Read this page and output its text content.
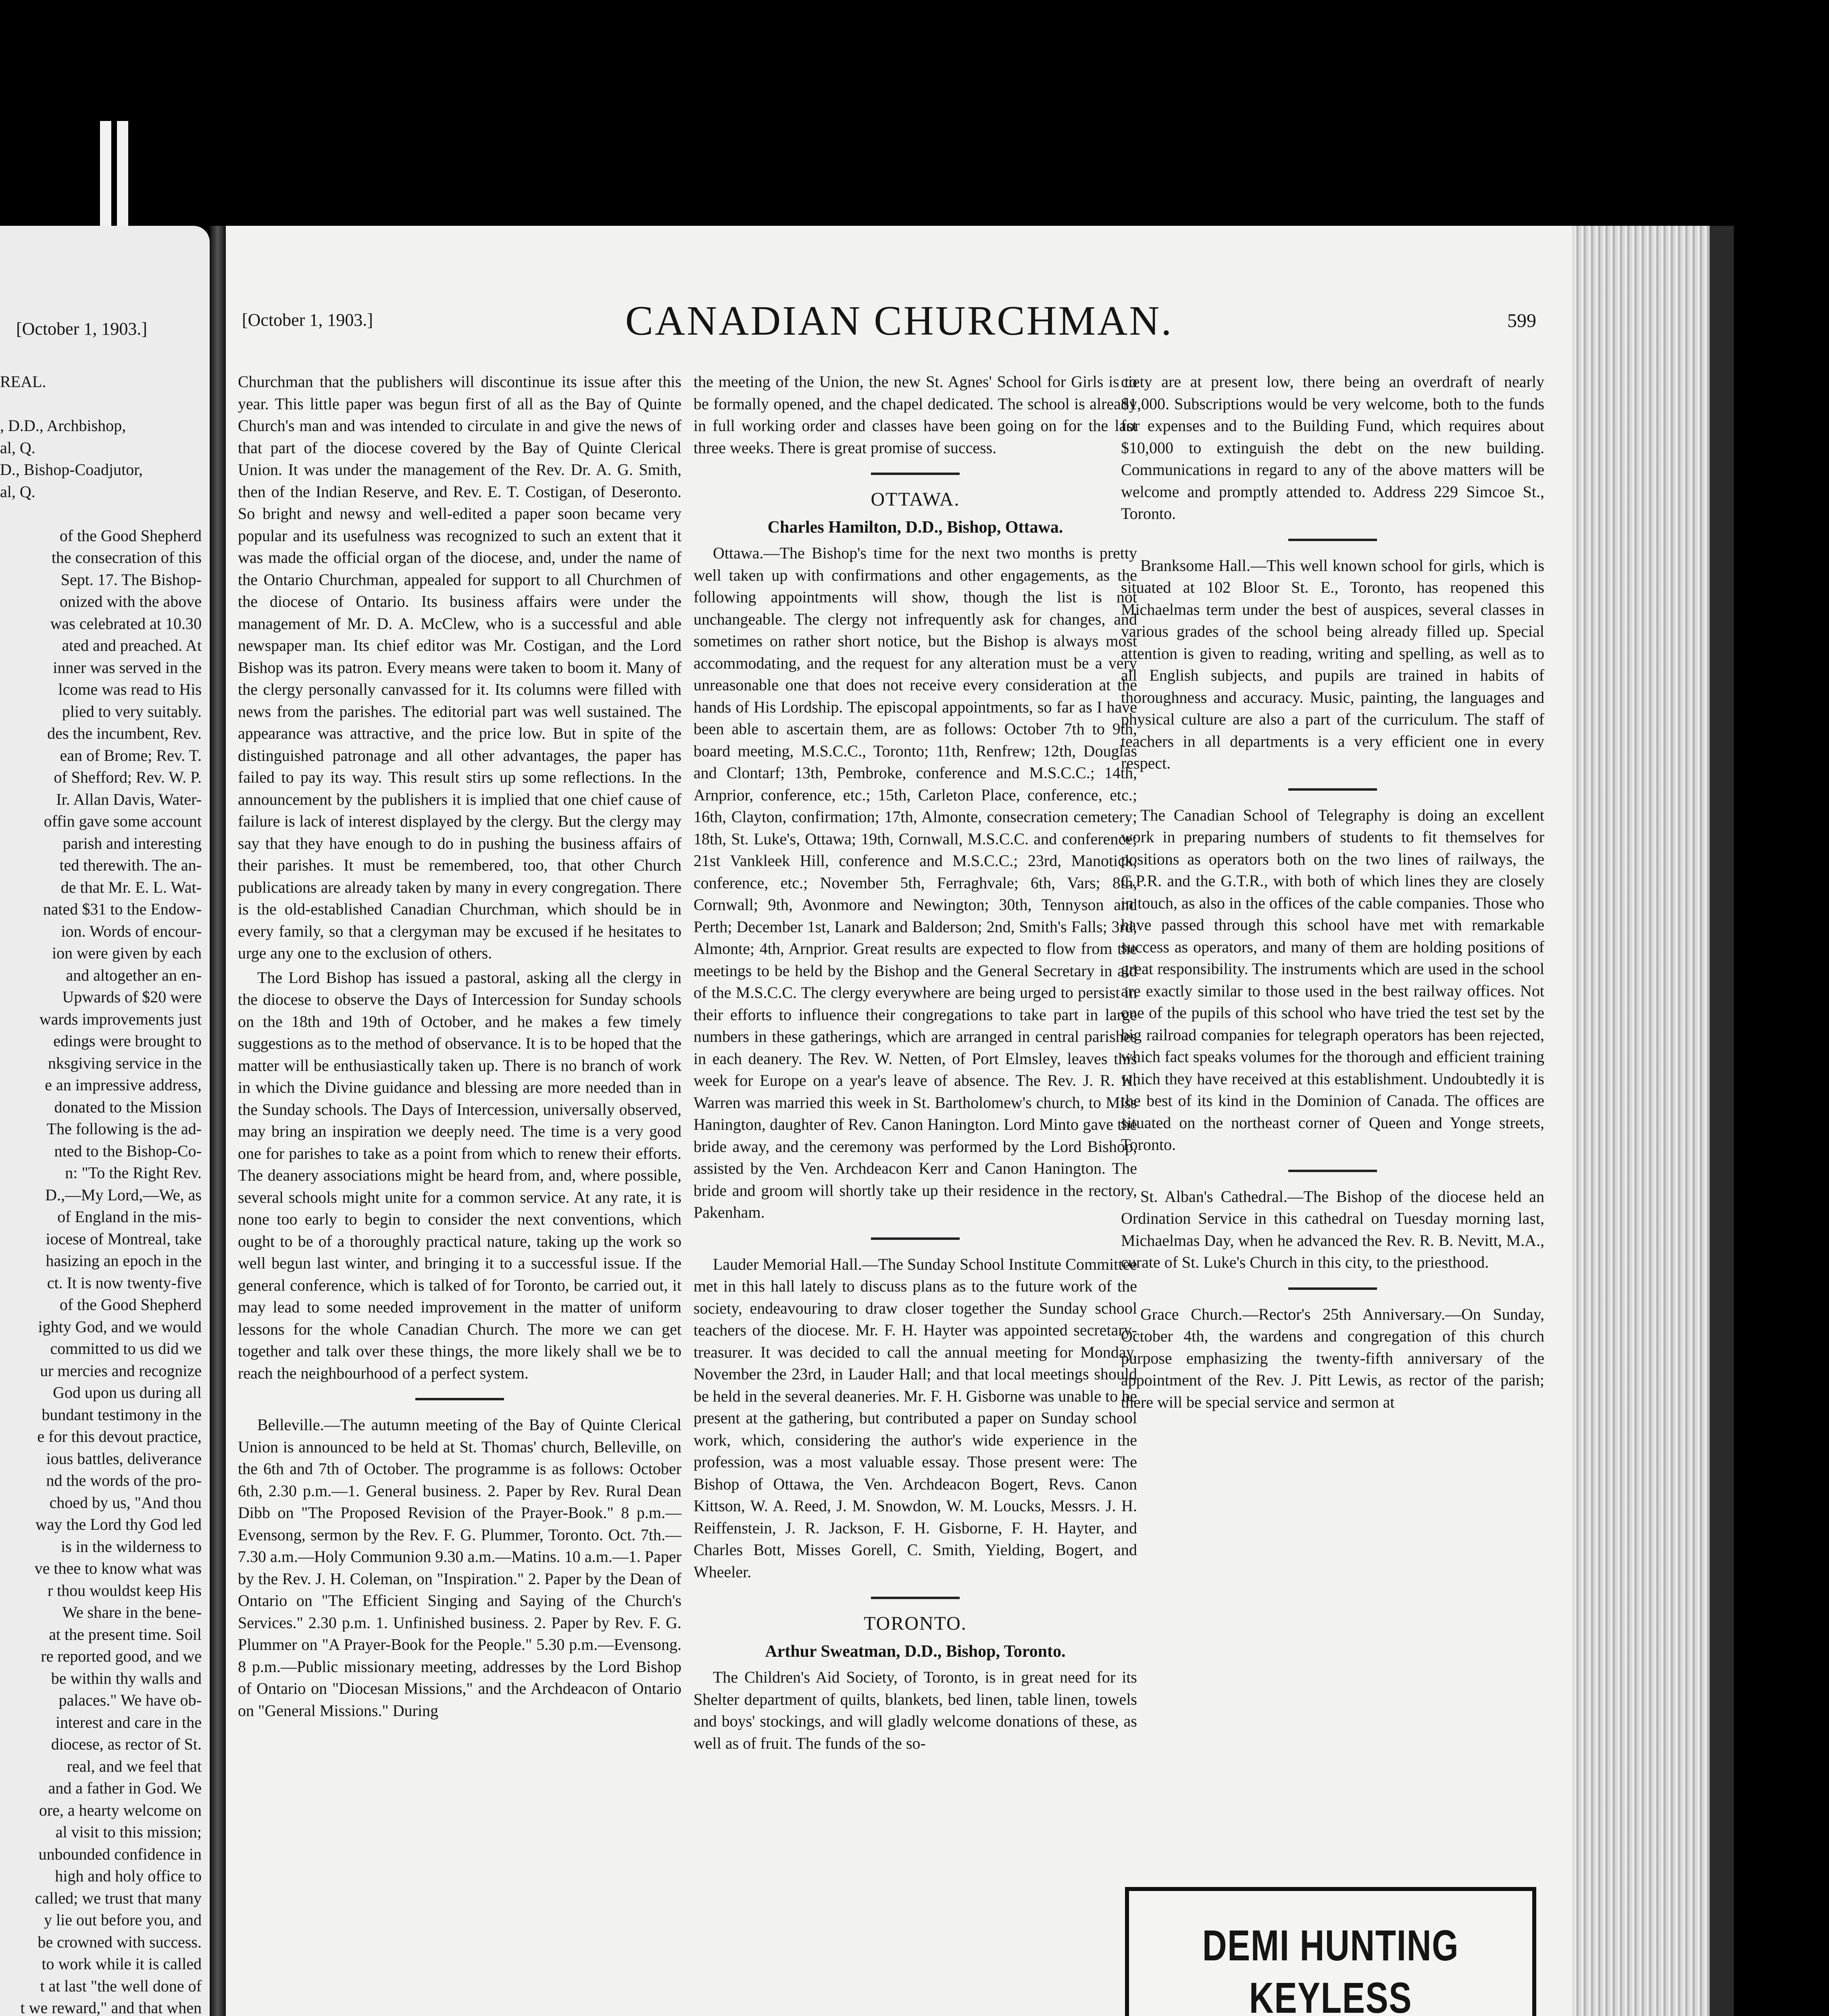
[October 1, 1903.]

REAL.

, D.D., Archbishop,

al, Q.

D., Bishop-Coadjutor,

al, Q.

of the Good Shepherd

the consecration of this

Sept. 17. The Bishop-

onized with the above

was celebrated at 10.30

ated and preached. At

inner was served in the

lcome was read to His

plied to very suitably.

des the incumbent, Rev.

ean of Brome; Rev. T.

of Shefford; Rev. W. P.

Ir. Allan Davis, Water-

offin gave some account

parish and interesting

ted therewith. The an-

de that Mr. E. L. Wat-

nated $31 to the Endow-

ion. Words of encour-

ion were given by each

and altogether an en-

Upwards of $20 were

wards improvements just

edings were brought to

nksgiving service in the

e an impressive address,

donated to the Mission

The following is the ad-

nted to the Bishop-Co-

n: "To the Right Rev.

D.,—My Lord,—We, as

of England in the mis-

iocese of Montreal, take

hasizing an epoch in the

ct. It is now twenty-five

of the Good Shepherd

ighty God, and we would

committed to us did we

ur mercies and recognize

God upon us during all

bundant testimony in the

e for this devout practice,

ious battles, deliverance

nd the words of the pro-

choed by us, "And thou

way the Lord thy God led

is in the wilderness to

ve thee to know what was

r thou wouldst keep His

We share in the bene-

at the present time. Soil

re reported good, and we

be within thy walls and

palaces." We have ob-

interest and care in the

diocese, as rector of St.

real, and we feel that

and a father in God. We

ore, a hearty welcome on

al visit to this mission;

unbounded confidence in

high and holy office to

called; we trust that many

y lie out before you, and

be crowned with success.

to work while it is called

t at last "the well done of

t we reward," and that when

[October 1, 1903.]	CANADIAN CHURCHMAN.	599

Churchman that the publishers will discontinue its issue after this year. This little paper was begun first of all as the Bay of Quinte Church's man and was intended to circulate in and give the news of that part of the diocese covered by the Bay of Quinte Clerical Union. It was under the management of the Rev. Dr. A. G. Smith, then of the Indian Reserve, and Rev. E. T. Costigan, of Deseronto. So bright and newsy and well-edited a paper soon became very popular and its usefulness was recognized to such an extent that it was made the official organ of the diocese, and, under the name of the Ontario Churchman, appealed for support to all Churchmen of the diocese of Ontario. Its business affairs were under the management of Mr. D. A. McClew, who is a successful and able newspaper man. Its chief editor was Mr. Costigan, and the Lord Bishop was its patron. Every means were taken to boom it. Many of the clergy personally canvassed for it. Its columns were filled with news from the parishes. The editorial part was well sustained. The appearance was attractive, and the price low. But in spite of the distinguished patronage and all other advantages, the paper has failed to pay its way. This result stirs up some reflections. In the announcement by the publishers it is implied that one chief cause of failure is lack of interest displayed by the clergy. But the clergy may say that they have enough to do in pushing the business affairs of their parishes. It must be remembered, too, that other Church publications are already taken by many in every congregation. There is the old-established Canadian Churchman, which should be in every family, so that a clergyman may be excused if he hesitates to urge any one to the exclusion of others.

The Lord Bishop has issued a pastoral, asking all the clergy in the diocese to observe the Days of Intercession for Sunday schools on the 18th and 19th of October, and he makes a few timely suggestions as to the method of observance. It is to be hoped that the matter will be enthusiastically taken up. There is no branch of work in which the Divine guidance and blessing are more needed than in the Sunday schools. The Days of Intercession, universally observed, may bring an inspiration we deeply need. The time is a very good one for parishes to take as a point from which to renew their efforts. The deanery associations might be heard from, and, where possible, several schools might unite for a common service. At any rate, it is none too early to begin to consider the next conventions, which ought to be of a thoroughly practical nature, taking up the work so well begun last winter, and bringing it to a successful issue. If the general conference, which is talked of for Toronto, be carried out, it may lead to some needed improvement in the matter of uniform lessons for the whole Canadian Church. The more we can get together and talk over these things, the more likely shall we be to reach the neighbourhood of a perfect system.

Belleville.—The autumn meeting of the Bay of Quinte Clerical Union is announced to be held at St. Thomas' church, Belleville, on the 6th and 7th of October. The programme is as follows: October 6th, 2.30 p.m.—1. General business. 2. Paper by Rev. Rural Dean Dibb on "The Proposed Revision of the Prayer-Book." 8 p.m.—Evensong, sermon by the Rev. F. G. Plummer, Toronto. Oct. 7th.—7.30 a.m.—Holy Communion 9.30 a.m.—Matins. 10 a.m.—1. Paper by the Rev. J. H. Coleman, on "Inspiration." 2. Paper by the Dean of Ontario on "The Efficient Singing and Saying of the Church's Services." 2.30 p.m. 1. Unfinished business. 2. Paper by Rev. F. G. Plummer on "A Prayer-Book for the People." 5.30 p.m.—Evensong. 8 p.m.—Public missionary meeting, addresses by the Lord Bishop of Ontario on "Diocesan Missions," and the Archdeacon of Ontario on "General Missions." During

the meeting of the Union, the new St. Agnes' School for Girls is to be formally opened, and the chapel dedicated. The school is already in full working order and classes have been going on for the last three weeks. There is great promise of success.

OTTAWA.
Charles Hamilton, D.D., Bishop, Ottawa.

Ottawa.—The Bishop's time for the next two months is pretty well taken up with confirmations and other engagements, as the following appointments will show, though the list is not unchangeable. The clergy not infrequently ask for changes, and sometimes on rather short notice, but the Bishop is always most accommodating, and the request for any alteration must be a very unreasonable one that does not receive every consideration at the hands of His Lordship. The episcopal appointments, so far as I have been able to ascertain them, are as follows: October 7th to 9th, board meeting, M.S.C.C., Toronto; 11th, Renfrew; 12th, Douglas and Clontarf; 13th, Pembroke, conference and M.S.C.C.; 14th, Arnprior, conference, etc.; 15th, Carleton Place, conference, etc.; 16th, Clayton, confirmation; 17th, Almonte, consecration cemetery; 18th, St. Luke's, Ottawa; 19th, Cornwall, M.S.C.C. and conference; 21st Vankleek Hill, conference and M.S.C.C.; 23rd, Manotick, conference, etc.; November 5th, Ferraghvale; 6th, Vars; 8th, Cornwall; 9th, Avonmore and Newington; 30th, Tennyson and Perth; December 1st, Lanark and Balderson; 2nd, Smith's Falls; 3rd, Almonte; 4th, Arnprior. Great results are expected to flow from the meetings to be held by the Bishop and the General Secretary in aid of the M.S.C.C. The clergy everywhere are being urged to persist in their efforts to influence their congregations to take part in large numbers in these gatherings, which are arranged in central parishes in each deanery. The Rev. W. Netten, of Port Elmsley, leaves this week for Europe on a year's leave of absence. The Rev. J. R. H. Warren was married this week in St. Bartholomew's church, to Miss Hanington, daughter of Rev. Canon Hanington. Lord Minto gave the bride away, and the ceremony was performed by the Lord Bishop, assisted by the Ven. Archdeacon Kerr and Canon Hanington. The bride and groom will shortly take up their residence in the rectory, Pakenham.

Lauder Memorial Hall.—The Sunday School Institute Committee met in this hall lately to discuss plans as to the future work of the society, endeavouring to draw closer together the Sunday school teachers of the diocese. Mr. F. H. Hayter was appointed secretary-treasurer. It was decided to call the annual meeting for Monday, November the 23rd, in Lauder Hall; and that local meetings should be held in the several deaneries. Mr. F. H. Gisborne was unable to be present at the gathering, but contributed a paper on Sunday school work, which, considering the author's wide experience in the profession, was a most valuable essay. Those present were: The Bishop of Ottawa, the Ven. Archdeacon Bogert, Revs. Canon Kittson, W. A. Reed, J. M. Snowdon, W. M. Loucks, Messrs. J. H. Reiffenstein, J. R. Jackson, F. H. Gisborne, F. H. Hayter, and Charles Bott, Misses Gorell, C. Smith, Yielding, Bogert, and Wheeler.

TORONTO.
Arthur Sweatman, D.D., Bishop, Toronto.

The Children's Aid Society, of Toronto, is in great need for its Shelter department of quilts, blankets, bed linen, table linen, towels and boys' stockings, and will gladly welcome donations of these, as well as of fruit. The funds of the so-

ciety are at present low, there being an overdraft of nearly $1,000. Subscriptions would be very welcome, both to the funds for expenses and to the Building Fund, which requires about $10,000 to extinguish the debt on the new building. Communications in regard to any of the above matters will be welcome and promptly attended to. Address 229 Simcoe St., Toronto.

Branksome Hall.—This well known school for girls, which is situated at 102 Bloor St. E., Toronto, has reopened this Michaelmas term under the best of auspices, several classes in various grades of the school being already filled up. Special attention is given to reading, writing and spelling, as well as to all English subjects, and pupils are trained in habits of thoroughness and accuracy. Music, painting, the languages and physical culture are also a part of the curriculum. The staff of teachers in all departments is a very efficient one in every respect.

The Canadian School of Telegraphy is doing an excellent work in preparing numbers of students to fit themselves for positions as operators both on the two lines of railways, the C.P.R. and the G.T.R., with both of which lines they are closely in touch, as also in the offices of the cable companies. Those who have passed through this school have met with remarkable success as operators, and many of them are holding positions of great responsibility. The instruments which are used in the school are exactly similar to those used in the best railway offices. Not one of the pupils of this school who have tried the test set by the big railroad companies for telegraph operators has been rejected, which fact speaks volumes for the thorough and efficient training which they have received at this establishment. Undoubtedly it is the best of its kind in the Dominion of Canada. The offices are situated on the northeast corner of Queen and Yonge streets, Toronto.

St. Alban's Cathedral.—The Bishop of the diocese held an Ordination Service in this cathedral on Tuesday morning last, Michaelmas Day, when he advanced the Rev. R. B. Nevitt, M.A., curate of St. Luke's Church in this city, to the priesthood.

Grace Church.—Rector's 25th Anniversary.—On Sunday, October 4th, the wardens and congregation of this church purpose emphasizing the twenty-fifth anniversary of the appointment of the Rev. J. Pitt Lewis, as rector of the parish; there will be special service and sermon at

DEMI HUNTING
KEYLESS
